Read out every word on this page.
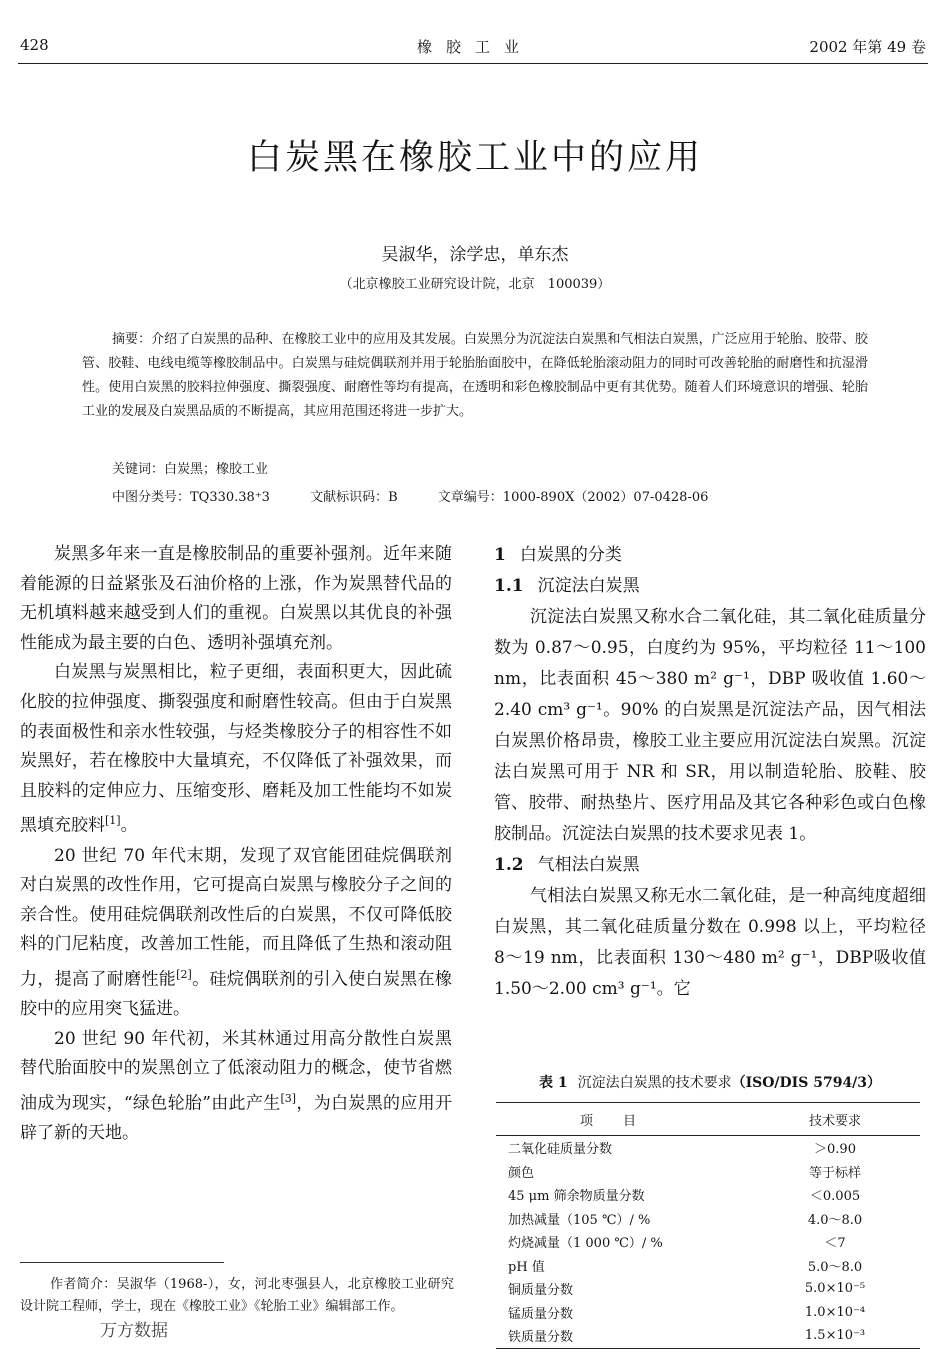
428	橡胶工业	2002 年第 49 卷
白炭黑在橡胶工业中的应用
吴淑华，涂学忠，单东杰
（北京橡胶工业研究设计院，北京　100039）

摘要：介绍了白炭黑的品种、在橡胶工业中的应用及其发展。白炭黑分为沉淀法白炭黑和气相法白炭黑，广泛应用于轮胎、胶带、胶管、胶鞋、电线电缆等橡胶制品中。白炭黑与硅烷偶联剂并用于轮胎胎面胶中，在降低轮胎滚动阻力的同时可改善轮胎的耐磨性和抗湿滑性。使用白炭黑的胶料拉伸强度、撕裂强度、耐磨性等均有提高，在透明和彩色橡胶制品中更有其优势。随着人们环境意识的增强、轮胎工业的发展及白炭黑品质的不断提高，其应用范围还将进一步扩大。

关键词：白炭黑；橡胶工业
中图分类号：TQ330.38⁺3	文献标识码：B	文章编号：1000-890X（2002）07-0428-06

炭黑多年来一直是橡胶制品的重要补强剂。近年来随着能源的日益紧张及石油价格的上涨，作为炭黑替代品的无机填料越来越受到人们的重视。白炭黑以其优良的补强性能成为最主要的白色、透明补强填充剂。

白炭黑与炭黑相比，粒子更细，表面积更大，因此硫化胶的拉伸强度、撕裂强度和耐磨性较高。但由于白炭黑的表面极性和亲水性较强，与烃类橡胶分子的相容性不如炭黑好，若在橡胶中大量填充，不仅降低了补强效果，而且胶料的定伸应力、压缩变形、磨耗及加工性能均不如炭黑填充胶料[1]。

20 世纪 70 年代末期，发现了双官能团硅烷偶联剂对白炭黑的改性作用，它可提高白炭黑与橡胶分子之间的亲合性。使用硅烷偶联剂改性后的白炭黑，不仅可降低胶料的门尼粘度，改善加工性能，而且降低了生热和滚动阻力，提高了耐磨性能[2]。硅烷偶联剂的引入使白炭黑在橡胶中的应用突飞猛进。

20 世纪 90 年代初，米其林通过用高分散性白炭黑替代胎面胶中的炭黑创立了低滚动阻力的概念，使节省燃油成为现实，“绿色轮胎”由此产生[3]，为白炭黑的应用开辟了新的天地。

作者简介：吴淑华（1968-），女，河北枣强县人，北京橡胶工业研究设计院工程师，学士，现在《橡胶工业》《轮胎工业》编辑部工作。

万方数据
1 白炭黑的分类
1.1 沉淀法白炭黑

沉淀法白炭黑又称水合二氧化硅，其二氧化硅质量分数为 0.87～0.95，白度约为 95%，平均粒径 11～100 nm，比表面积 45～380 m² g⁻¹，DBP 吸收值 1.60～2.40 cm³ g⁻¹。90% 的白炭黑是沉淀法产品，因气相法白炭黑价格昂贵，橡胶工业主要应用沉淀法白炭黑。沉淀法白炭黑可用于 NR 和 SR，用以制造轮胎、胶鞋、胶管、胶带、耐热垫片、医疗用品及其它各种彩色或白色橡胶制品。沉淀法白炭黑的技术要求见表 1。

1.2 气相法白炭黑

气相法白炭黑又称无水二氧化硅，是一种高纯度超细白炭黑，其二氧化硅质量分数在 0.998 以上，平均粒径 8～19 nm，比表面积 130～480 m² g⁻¹，DBP吸收值1.50～2.00 cm³ g⁻¹。它

表 1 沉淀法白炭黑的技术要求（ISO/DIS 5794/3）
项目	技术要求
二氧化硅质量分数	＞0.90
颜色	等于标样
45 μm 筛余物质量分数	＜0.005
加热减量（105 ℃）/ %	4.0～8.0
灼烧减量（1 000 ℃）/ %	＜7
pH 值	5.0～8.0
铜质量分数	5.0×10⁻⁵
锰质量分数	1.0×10⁻⁴
铁质量分数	1.5×10⁻³
